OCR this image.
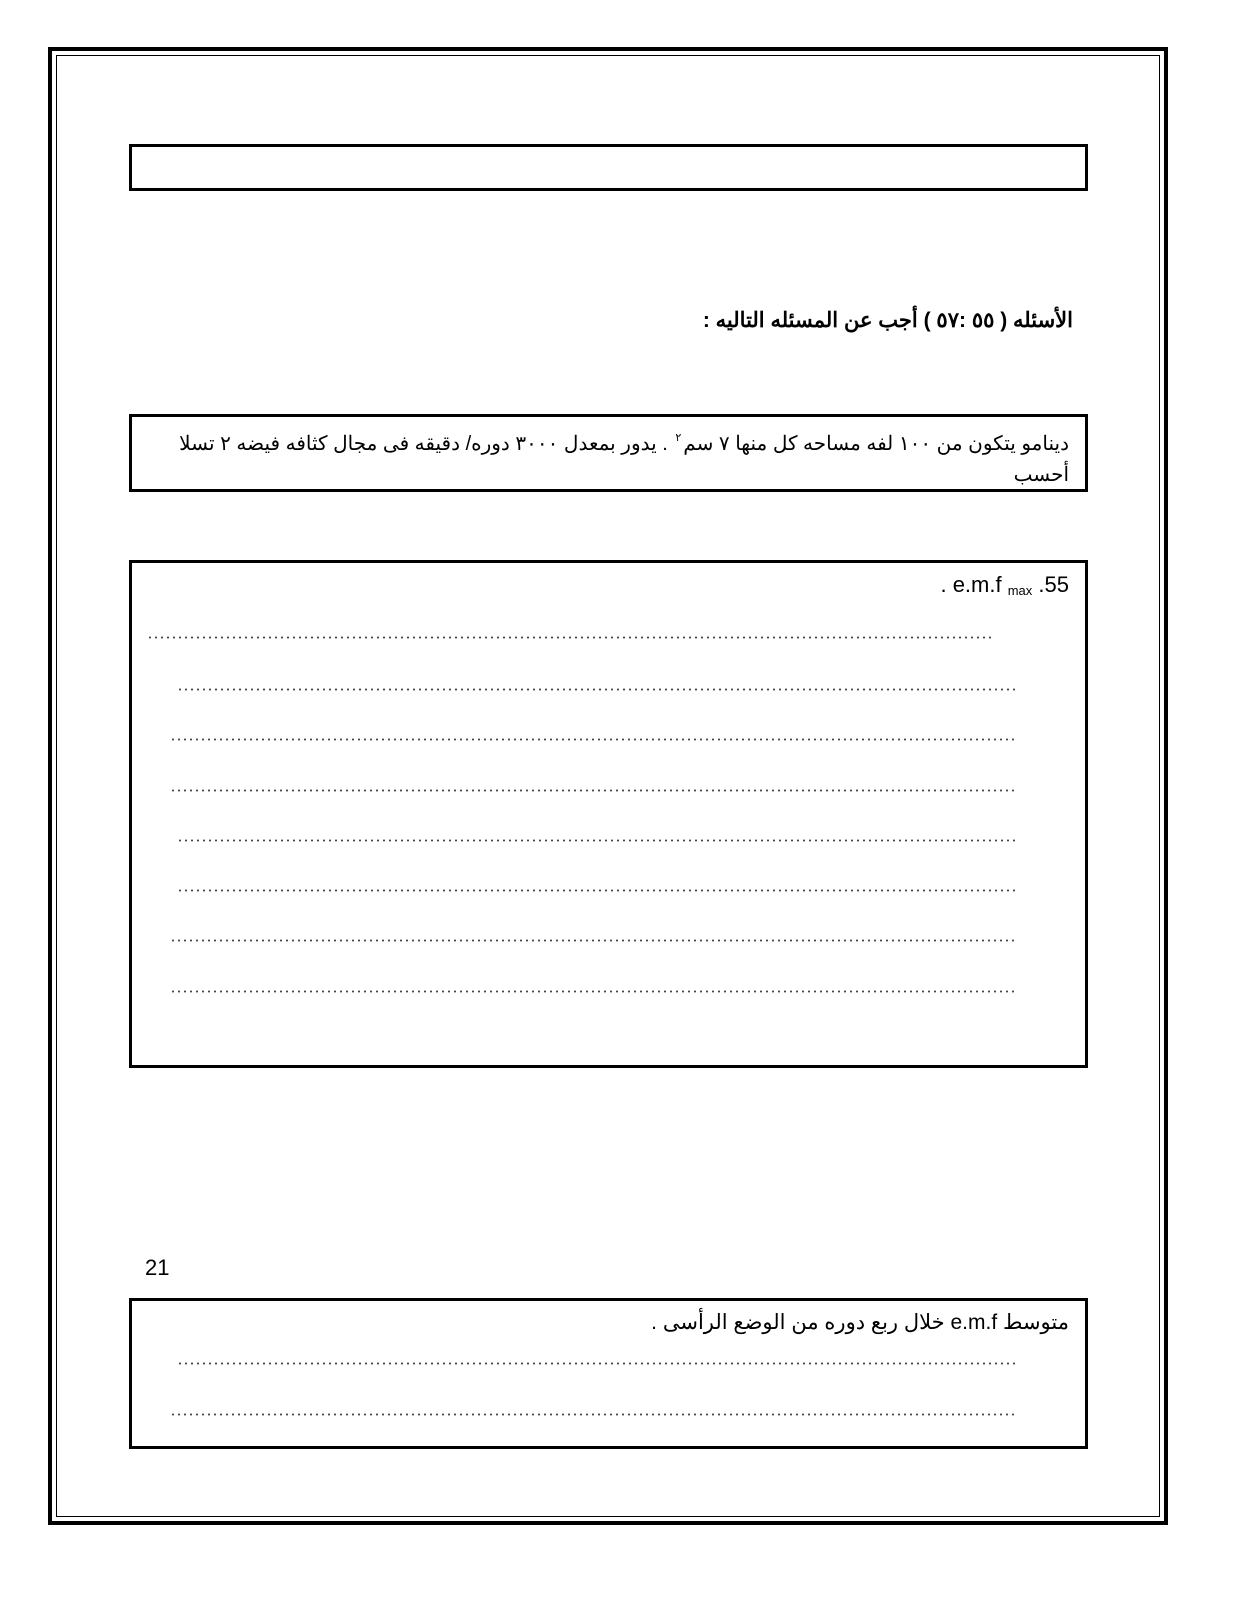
الأسئله ( ٥٥ :٥٧ ) أجب عن المسئله التاليه :
دينامو يتكون من ١٠٠ لفه مساحه كل منها ٧ سم$^٢$ . يدور بمعدل ٣٠٠٠ دوره/ دقيقه فى مجال كثافه فيضه ٢ تسلا أحسب
. e.m.f $_{max}$ .55
21
متوسط e.m.f خلال ربع دوره من الوضع الرأسى .
